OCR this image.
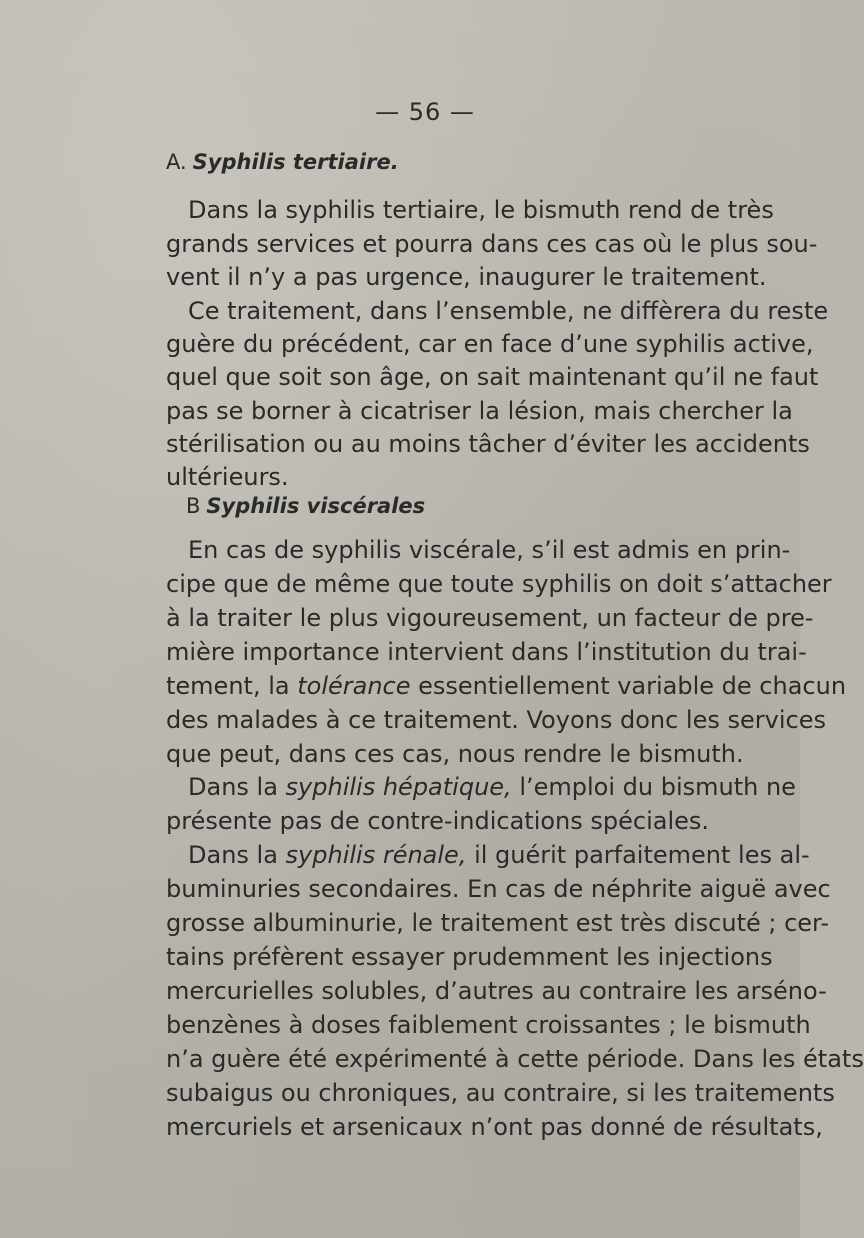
— 56 —
A. Syphilis tertiaire.
Dans la syphilis tertiaire, le bismuth rend de très
grands services et pourra dans ces cas où le plus sou-
vent il n’y a pas urgence, inaugurer le traitement.
Ce traitement, dans l’ensemble, ne diffèrera du reste
guère du précédent, car en face d’une syphilis active,
quel que soit son âge, on sait maintenant qu’il ne faut
pas se borner à cicatriser la lésion, mais chercher la
stérilisation ou au moins tâcher d’éviter les accidents
ultérieurs.
B Syphilis viscérales
En cas de syphilis viscérale, s’il est admis en prin-
cipe que de même que toute syphilis on doit s’attacher
à la traiter le plus vigoureusement, un facteur de pre-
mière importance intervient dans l’institution du trai-
tement, la tolérance essentiellement variable de chacun
des malades à ce traitement. Voyons donc les services
que peut, dans ces cas, nous rendre le bismuth.
Dans la syphilis hépatique, l’emploi du bismuth ne
présente pas de contre-indications spéciales.
Dans la syphilis rénale, il guérit parfaitement les al-
buminuries secondaires. En cas de néphrite aiguë avec
grosse albuminurie, le traitement est très discuté ; cer-
tains préfèrent essayer prudemment les injections
mercurielles solubles, d’autres au contraire les arséno-
benzènes à doses faiblement croissantes ; le bismuth
n’a guère été expérimenté à cette période. Dans les états
subaigus ou chroniques, au contraire, si les traitements
mercuriels et arsenicaux n’ont pas donné de résultats,
